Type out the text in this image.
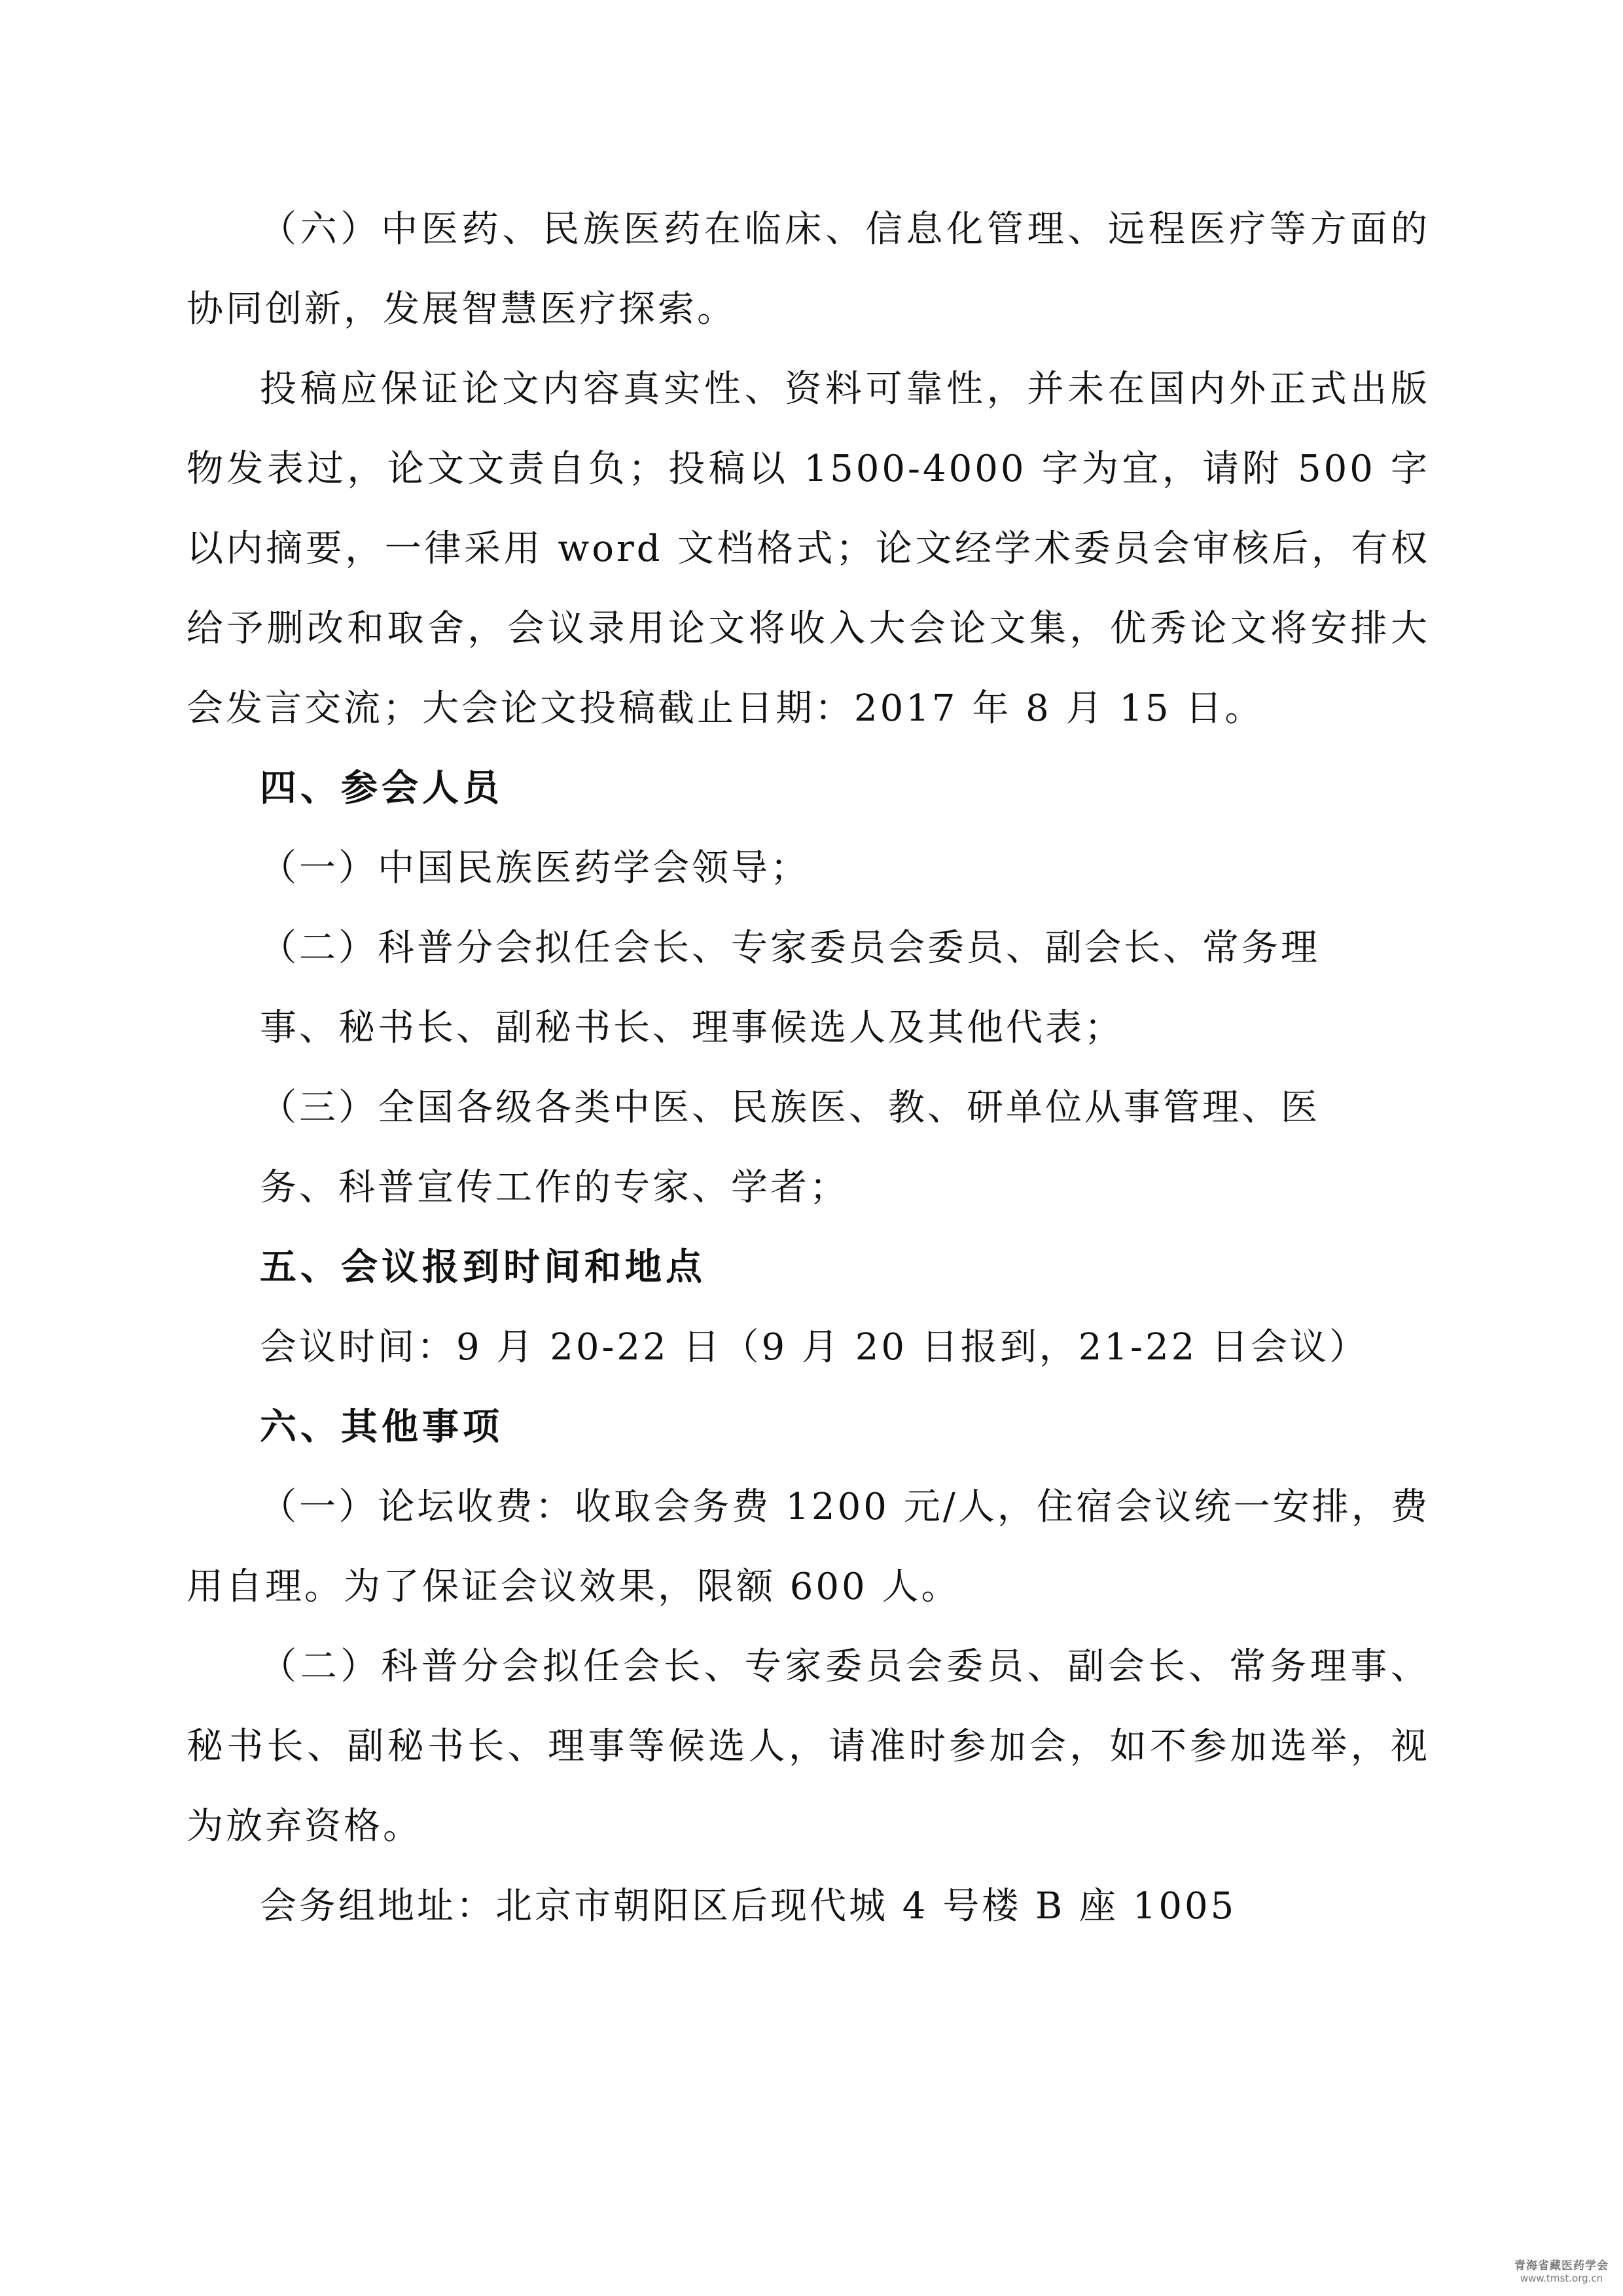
（六）中医药、民族医药在临床、信息化管理、远程医疗等方面的协同创新，发展智慧医疗探索。

投稿应保证论文内容真实性、资料可靠性，并未在国内外正式出版物发表过，论文文责自负；投稿以 1500-4000 字为宜，请附 500 字以内摘要，一律采用 word 文档格式；论文经学术委员会审核后，有权给予删改和取舍，会议录用论文将收入大会论文集，优秀论文将安排大会发言交流；大会论文投稿截止日期：2017 年 8 月 15 日。

四、参会人员

（一）中国民族医药学会领导；

（二）科普分会拟任会长、专家委员会委员、副会长、常务理
事、秘书长、副秘书长、理事候选人及其他代表；

（三）全国各级各类中医、民族医、教、研单位从事管理、医
务、科普宣传工作的专家、学者；

五、会议报到时间和地点

会议时间：9 月 20-22 日（9 月 20 日报到，21-22 日会议）

六、其他事项

（一）论坛收费：收取会务费 1200 元/人，住宿会议统一安排，费用自理。为了保证会议效果，限额 600 人。

（二）科普分会拟任会长、专家委员会委员、副会长、常务理事、秘书长、副秘书长、理事等候选人，请准时参加会，如不参加选举，视为放弃资格。

会务组地址：北京市朝阳区后现代城 4 号楼 B 座 1005

青海省藏医药学会
www.tmst.org.cn
